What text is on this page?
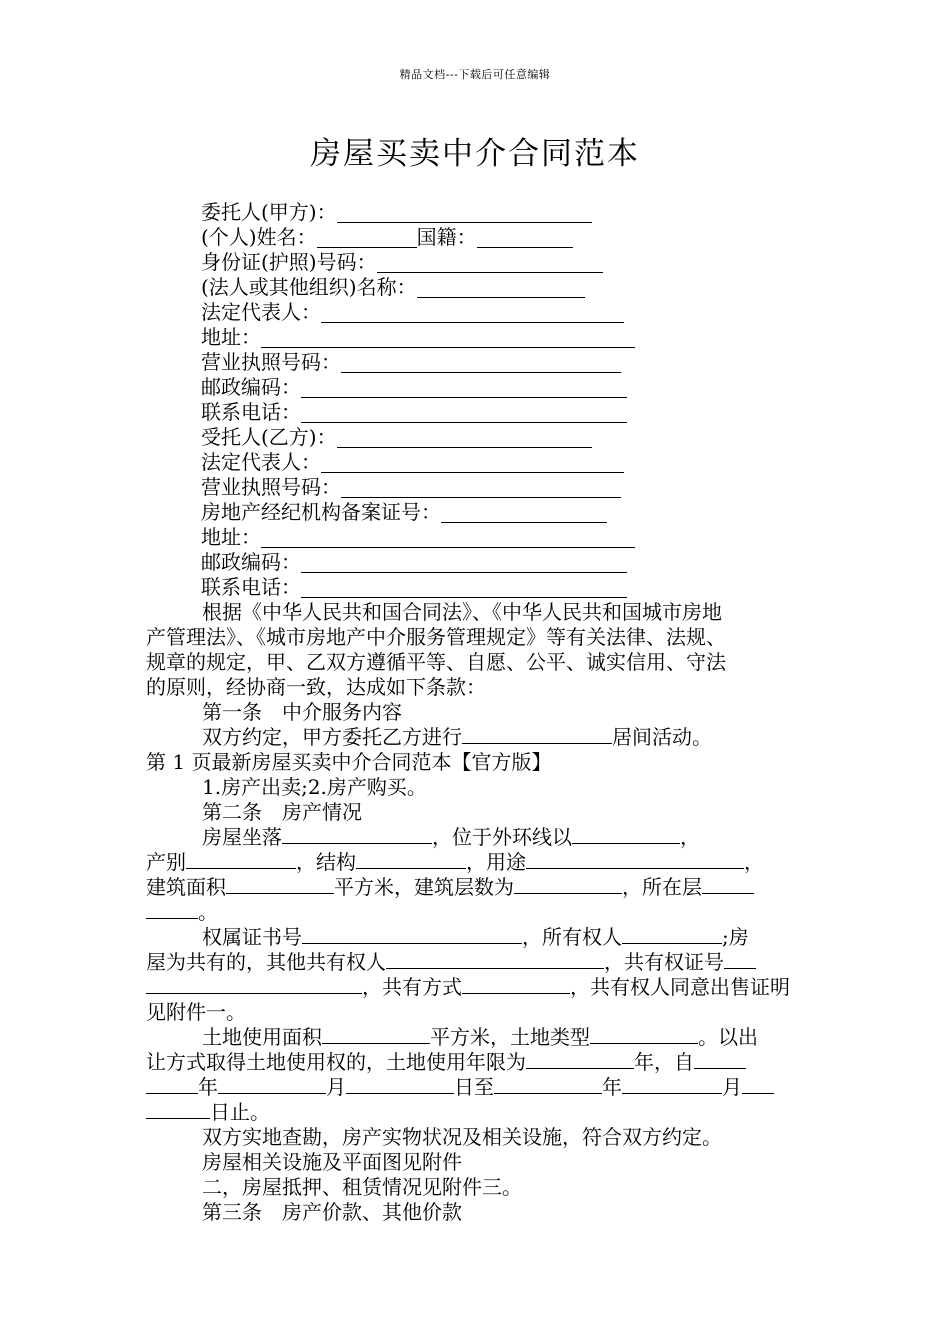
精品文档---下载后可任意编辑
房屋买卖中介合同范本
委托人(甲方)：
(个人)姓名：	国籍：
身份证(护照)号码：
(法人或其他组织)名称：
法定代表人：
地址：
营业执照号码：
邮政编码：
联系电话：
受托人(乙方)：
法定代表人：
营业执照号码：
房地产经纪机构备案证号：
地址：
邮政编码：
联系电话：

根据《中华人民共和国合同法》、《中华人民共和国城市房地

产管理法》、《城市房地产中介服务管理规定》等有关法律、法规、

规章的规定，甲、乙双方遵循平等、自愿、公平、诚实信用、守法

的原则，经协商一致，达成如下条款：

第一条　中介服务内容

双方约定，甲方委托乙方进行	居间活动。

第 1 页最新房屋买卖中介合同范本【官方版】

1.房产出卖;2.房产购买。

第二条　房产情况

房屋坐落	，位于外环线以	，

产别	，结构	，用途	，

建筑面积	平方米，建筑层数为	，所在层

。

权属证书号	，所有权人	;房

屋为共有的，其他共有权人	，共有权证号

，共有方式	，共有权人同意出售证明

见附件一。

土地使用面积	平方米，土地类型	。以出

让方式取得土地使用权的，土地使用年限为	年，自

年	月	日至	年	月

日止。

双方实地查勘，房产实物状况及相关设施，符合双方约定。

房屋相关设施及平面图见附件

二，房屋抵押、租赁情况见附件三。

第三条　房产价款、其他价款
